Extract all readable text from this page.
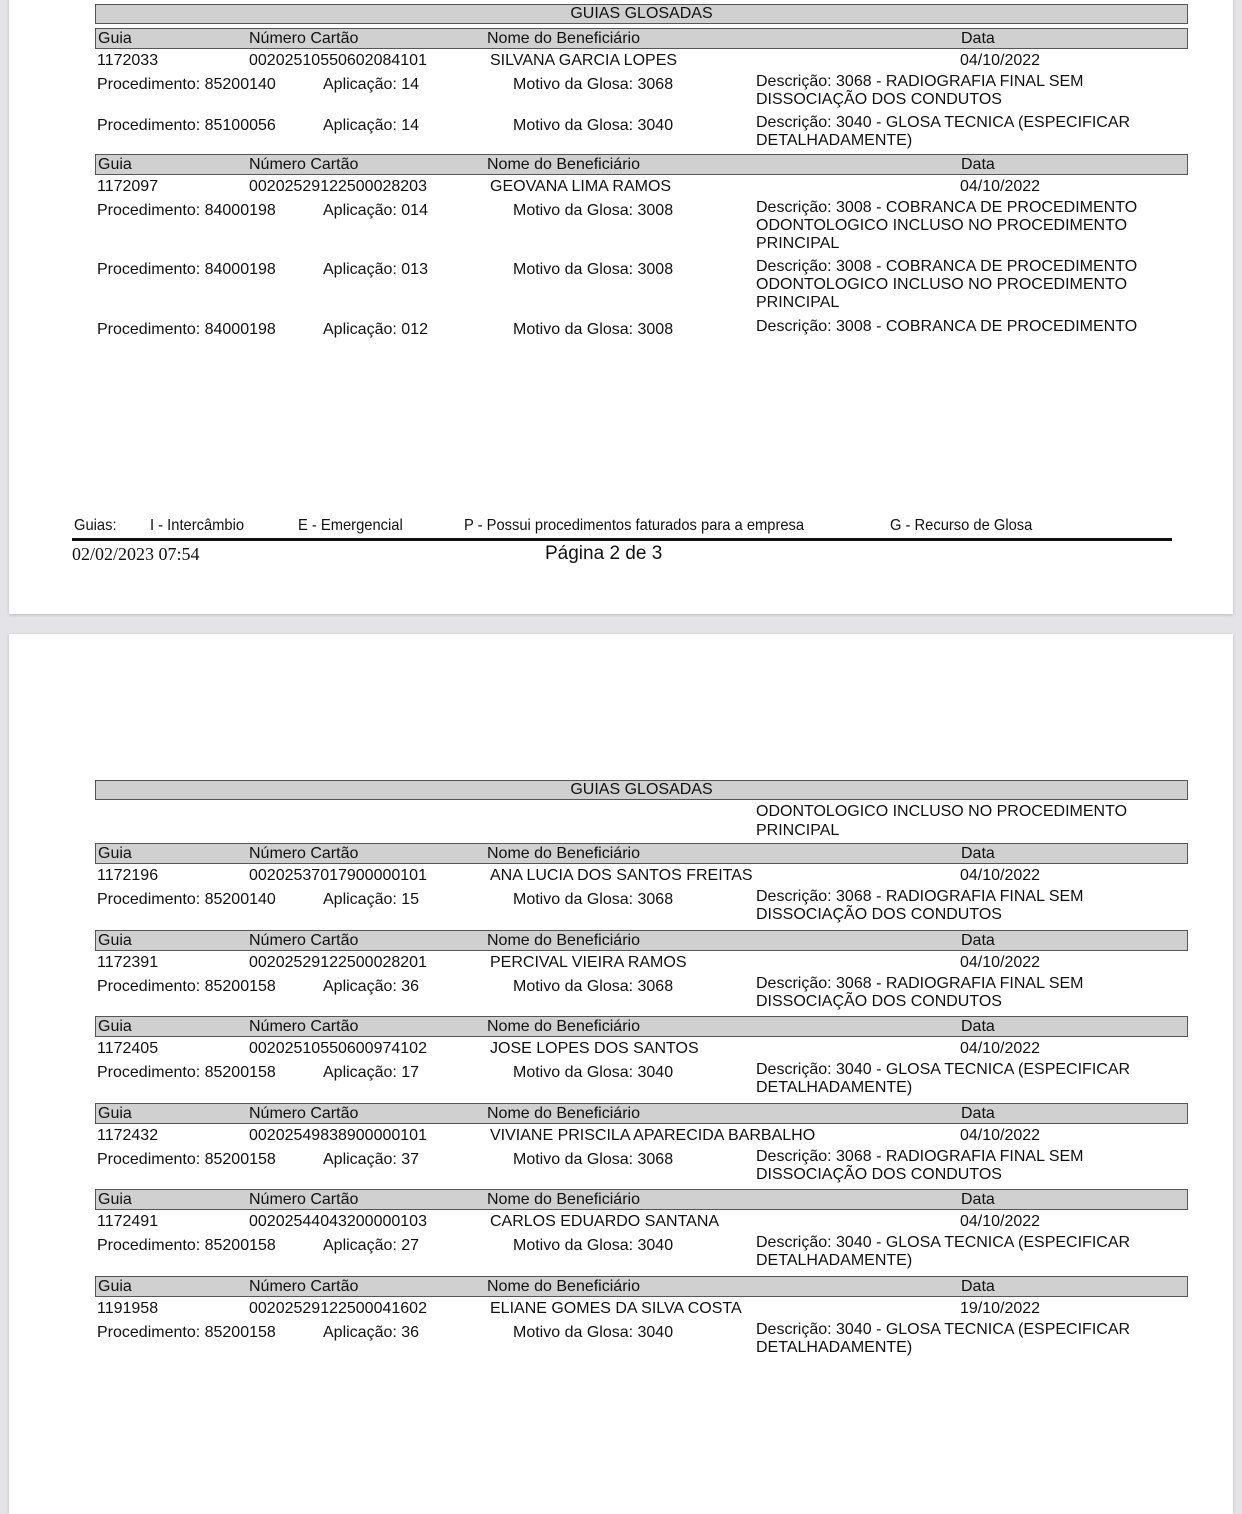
GUIAS GLOSADAS
Guia	Número Cartão	Nome do Beneficiário	Data
1172033	00202510550602084101	SILVANA GARCIA LOPES	04/10/2022
Procedimento: 85200140	Aplicação: 14	Motivo da Glosa: 3068	Descrição: 3068 - RADIOGRAFIA FINAL SEM
DISSOCIAÇÃO DOS CONDUTOS
Procedimento: 85100056	Aplicação: 14	Motivo da Glosa: 3040	Descrição: 3040 - GLOSA TECNICA (ESPECIFICAR
DETALHADAMENTE)
Guia	Número Cartão	Nome do Beneficiário	Data
1172097	00202529122500028203	GEOVANA LIMA RAMOS	04/10/2022
Procedimento: 84000198	Aplicação: 014	Motivo da Glosa: 3008	Descrição: 3008 - COBRANCA DE PROCEDIMENTO
ODONTOLOGICO INCLUSO NO PROCEDIMENTO
PRINCIPAL
Procedimento: 84000198	Aplicação: 013	Motivo da Glosa: 3008	Descrição: 3008 - COBRANCA DE PROCEDIMENTO
ODONTOLOGICO INCLUSO NO PROCEDIMENTO
PRINCIPAL
Procedimento: 84000198	Aplicação: 012	Motivo da Glosa: 3008	Descrição: 3008 - COBRANCA DE PROCEDIMENTO
Guias: I - Intercâmbio	E - Emergencial	P - Possui procedimentos faturados para a empresa	G - Recurso de Glosa
02/02/2023 07:54	Página 2 de 3
GUIAS GLOSADAS
ODONTOLOGICO INCLUSO NO PROCEDIMENTO
PRINCIPAL
Guia	Número Cartão	Nome do Beneficiário	Data
1172196	00202537017900000101	ANA LUCIA DOS SANTOS FREITAS	04/10/2022
Procedimento: 85200140	Aplicação: 15	Motivo da Glosa: 3068	Descrição: 3068 - RADIOGRAFIA FINAL SEM
DISSOCIAÇÃO DOS CONDUTOS
Guia	Número Cartão	Nome do Beneficiário	Data
1172391	00202529122500028201	PERCIVAL VIEIRA RAMOS	04/10/2022
Procedimento: 85200158	Aplicação: 36	Motivo da Glosa: 3068	Descrição: 3068 - RADIOGRAFIA FINAL SEM
DISSOCIAÇÃO DOS CONDUTOS
Guia	Número Cartão	Nome do Beneficiário	Data
1172405	00202510550600974102	JOSE LOPES DOS SANTOS	04/10/2022
Procedimento: 85200158	Aplicação: 17	Motivo da Glosa: 3040	Descrição: 3040 - GLOSA TECNICA (ESPECIFICAR
DETALHADAMENTE)
Guia	Número Cartão	Nome do Beneficiário	Data
1172432	00202549838900000101	VIVIANE PRISCILA APARECIDA BARBALHO	04/10/2022
Procedimento: 85200158	Aplicação: 37	Motivo da Glosa: 3068	Descrição: 3068 - RADIOGRAFIA FINAL SEM
DISSOCIAÇÃO DOS CONDUTOS
Guia	Número Cartão	Nome do Beneficiário	Data
1172491	00202544043200000103	CARLOS EDUARDO SANTANA	04/10/2022
Procedimento: 85200158	Aplicação: 27	Motivo da Glosa: 3040	Descrição: 3040 - GLOSA TECNICA (ESPECIFICAR
DETALHADAMENTE)
Guia	Número Cartão	Nome do Beneficiário	Data
1191958	00202529122500041602	ELIANE GOMES DA SILVA COSTA	19/10/2022
Procedimento: 85200158	Aplicação: 36	Motivo da Glosa: 3040	Descrição: 3040 - GLOSA TECNICA (ESPECIFICAR
DETALHADAMENTE)
